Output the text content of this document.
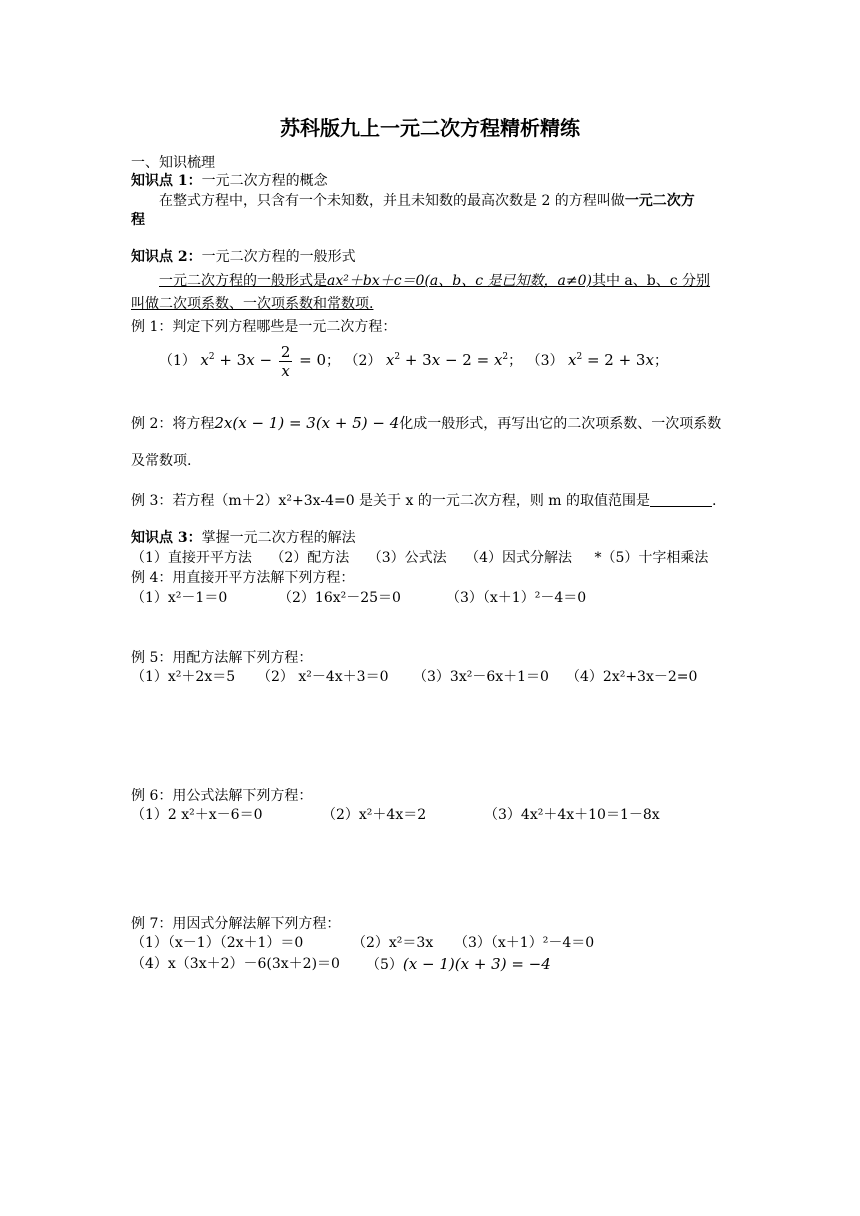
苏科版九上一元二次方程精析精练
一、知识梳理
知识点 1：一元二次方程的概念
在整式方程中，只含有一个未知数，并且未知数的最高次数是 2 的方程叫做一元二次方
程
知识点 2：一元二次方程的一般形式
一元二次方程的一般形式是ax²＋bx＋c＝0(a、b、c 是已知数，a≠0)其中 a、b、c 分别
叫做二次项系数、一次项系数和常数项.
例 1：判定下列方程哪些是一元二次方程：
（1） $x^2 + 3x - \frac{2}{x} = 0$； （2） $x^2 + 3x - 2 = x^2$； （3） $x^2 = 2 + 3x$；
例 2：将方程2x(x − 1) = 3(x + 5) − 4化成一般形式，再写出它的二次项系数、一次项系数
及常数项.
例 3：若方程（m＋2）x²+3x-4=0 是关于 x 的一元二次方程，则 m 的取值范围是	.
知识点 3：掌握一元二次方程的解法
（1）直接开平方法 （2）配方法 （3）公式法 （4）因式分解法 *（5）十字相乘法
例 4：用直接开平方法解下列方程：
（1）x²－1＝0	（2）16x²－25＝0	（3）（x＋1）²－4＝0
例 5：用配方法解下列方程：
（1）x²＋2x＝5 （2） x²－4x＋3＝0 （3）3x²－6x＋1＝0 （4）2x²+3x－2=0
例 6：用公式法解下列方程：
（1）2 x²＋x－6＝0	（2）x²＋4x＝2	（3）4x²＋4x＋10＝1－8x
例 7：用因式分解法解下列方程：
（1）（x－1）（2x＋1）＝0	（2）x²＝3x （3）（x＋1）²－4＝0
（4）x（3x＋2）－6(3x＋2)＝0 （5）(x − 1)(x + 3) = −4
